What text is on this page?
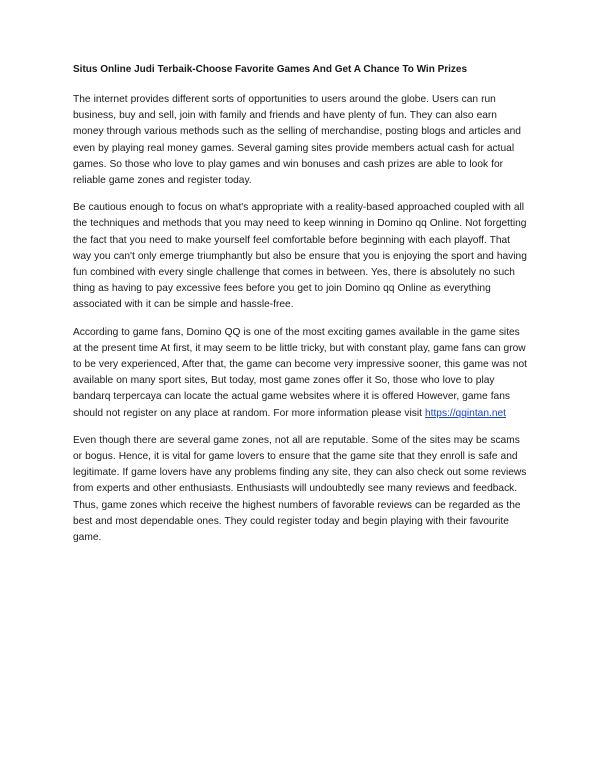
Situs Online Judi Terbaik-Choose Favorite Games And Get A Chance To Win Prizes

The internet provides different sorts of opportunities to users around the globe. Users can run business, buy and sell, join with family and friends and have plenty of fun. They can also earn money through various methods such as the selling of merchandise, posting blogs and articles and even by playing real money games. Several gaming sites provide members actual cash for actual games. So those who love to play games and win bonuses and cash prizes are able to look for reliable game zones and register today.

Be cautious enough to focus on what's appropriate with a reality-based approached coupled with all the techniques and methods that you may need to keep winning in Domino qq Online. Not forgetting the fact that you need to make yourself feel comfortable before beginning with each playoff. That way you can't only emerge triumphantly but also be ensure that you is enjoying the sport and having fun combined with every single challenge that comes in between. Yes, there is absolutely no such thing as having to pay excessive fees before you get to join Domino qq Online as everything associated with it can be simple and hassle-free.

According to game fans, Domino QQ is one of the most exciting games available in the game sites at the present time At first, it may seem to be little tricky, but with constant play, game fans can grow to be very experienced, After that, the game can become very impressive sooner, this game was not available on many sport sites, But today, most game zones offer it So, those who love to play bandarq terpercaya can locate the actual game websites where it is offered However, game fans should not register on any place at random. For more information please visit https://qqintan.net

Even though there are several game zones, not all are reputable. Some of the sites may be scams or bogus. Hence, it is vital for game lovers to ensure that the game site that they enroll is safe and legitimate. If game lovers have any problems finding any site, they can also check out some reviews from experts and other enthusiasts. Enthusiasts will undoubtedly see many reviews and feedback. Thus, game zones which receive the highest numbers of favorable reviews can be regarded as the best and most dependable ones. They could register today and begin playing with their favourite game.
